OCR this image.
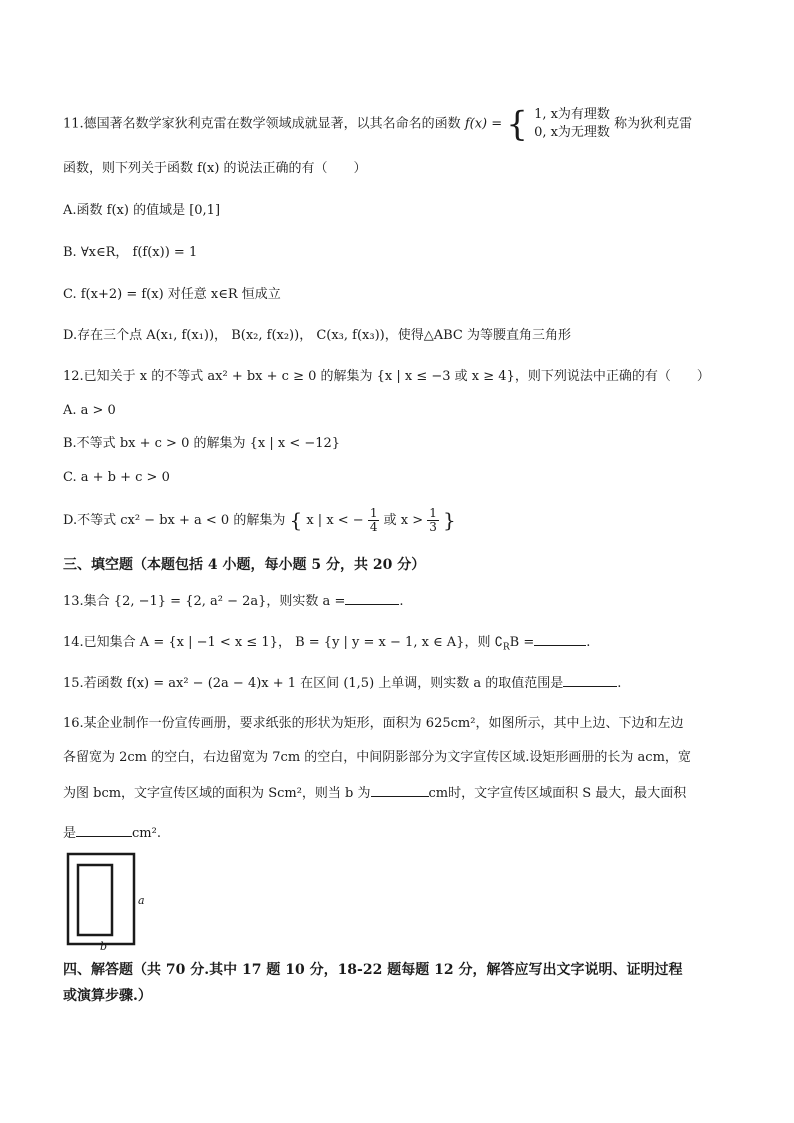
11.德国著名数学家狄利克雷在数学领域成就显著，以其名命名的函数 f(x) = { 1, x为有理数
0, x为无理数
称为狄利克雷
函数，则下列关于函数 f(x) 的说法正确的有（　　）
A.函数 f(x) 的值域是 [0,1]
B. ∀x∈R， f(f(x)) = 1
C. f(x+2) = f(x) 对任意 x∈R 恒成立
D.存在三个点 A(x₁, f(x₁))， B(x₂, f(x₂))， C(x₃, f(x₃))，使得△ABC 为等腰直角三角形
12.已知关于 x 的不等式 ax² + bx + c ≥ 0 的解集为 {x | x ≤ −3 或 x ≥ 4}，则下列说法中正确的有（　　）
A. a > 0
B.不等式 bx + c > 0 的解集为 {x | x < −12}
C. a + b + c > 0
D.不等式 cx² − bx + a < 0 的解集为 { x | x < − $\frac{1}{4}$ 或 $x > \frac{1}{3}$ }
三、填空题（本题包括 4 小题，每小题 5 分，共 20 分）
13.集合 {2, −1} = {2, a² − 2a}，则实数 a =	.
14.已知集合 A = {x | −1 < x ≤ 1}， B = {y | y = x − 1, x ∈ A}，则 $∁_RB$ =	.
15.若函数 f(x) = ax² − (2a − 4)x + 1 在区间 (1,5) 上单调，则实数 a 的取值范围是	.
16.某企业制作一份宣传画册，要求纸张的形状为矩形，面积为 625cm²，如图所示，其中上边、下边和左边
各留宽为 2cm 的空白，右边留宽为 7cm 的空白，中间阴影部分为文字宣传区域.设矩形画册的长为 acm，宽
为图 bcm，文字宣传区域的面积为 Scm²，则当 b 为	cm时，文字宣传区域面积 S 最大，最大面积
是	cm².
a
b
四、解答题（共 70 分.其中 17 题 10 分，18-22 题每题 12 分，解答应写出文字说明、证明过程
或演算步骤.）
